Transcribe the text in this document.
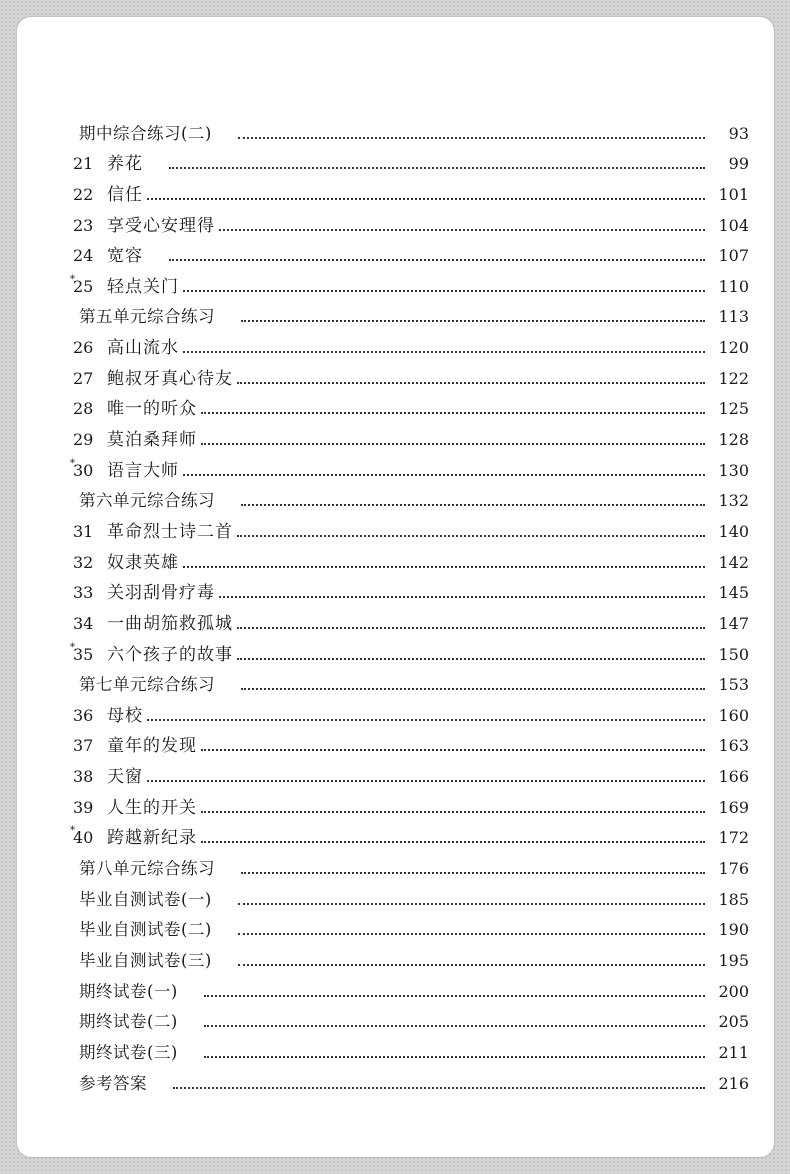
期中综合练习(二)	93
21 养花	99
22 信任	101
23 享受心安理得	104
24 宽容	107
*
25 轻点关门	110
第五单元综合练习	113
26 高山流水	120
27 鲍叔牙真心待友	122
28 唯一的听众	125
29 莫泊桑拜师	128
*
30 语言大师	130
第六单元综合练习	132
31 革命烈士诗二首	140
32 奴隶英雄	142
33 关羽刮骨疗毒	145
34 一曲胡笳救孤城	147
*
35 六个孩子的故事	150
第七单元综合练习	153
36 母校	160
37 童年的发现	163
38 天窗	166
39 人生的开关	169
*
40 跨越新纪录	172
第八单元综合练习	176
毕业自测试卷(一)	185
毕业自测试卷(二)	190
毕业自测试卷(三)	195
期终试卷(一)	200
期终试卷(二)	205
期终试卷(三)	211
参考答案	216
